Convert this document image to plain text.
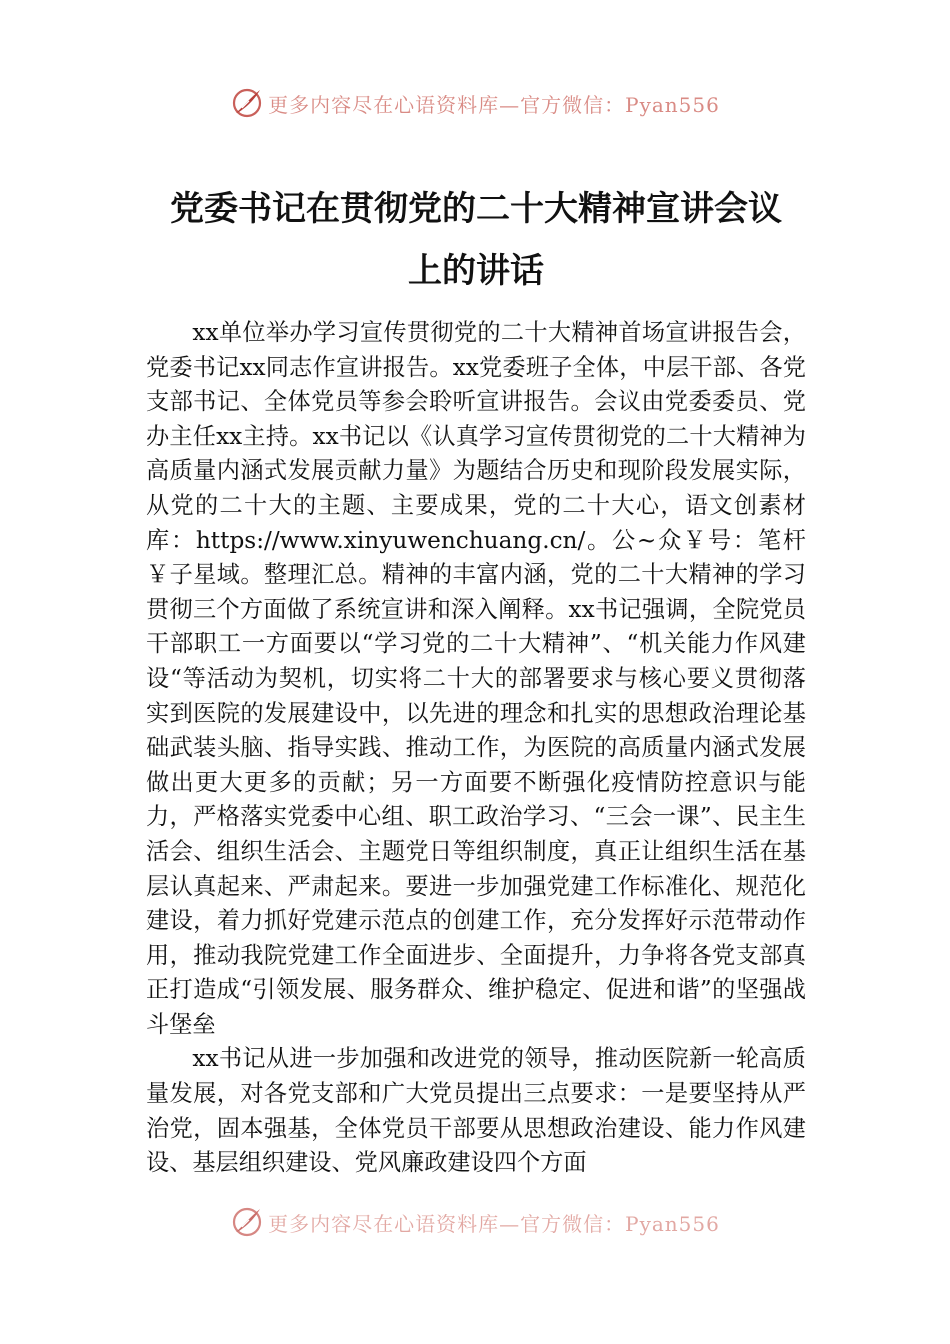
更多内容尽在心语资料库—官方微信：Pyan556
党委书记在贯彻党的二十大精神宣讲会议
上的讲话

xx单位举办学习宣传贯彻党的二十大精神首场宣讲报告会，党委书记xx同志作宣讲报告。xx党委班子全体，中层干部、各党支部书记、全体党员等参会聆听宣讲报告。会议由党委委员、党办主任xx主持。xx书记以《认真学习宣传贯彻党的二十大精神为高质量内涵式发展贡献力量》为题结合历史和现阶段发展实际，从党的二十大的主题、主要成果，党的二十大心，语文创素材库：https://www.xinyuwenchuang.cn/。公~众￥号：笔杆￥子星域。整理汇总。精神的丰富内涵，党的二十大精神的学习贯彻三个方面做了系统宣讲和深入阐释。xx书记强调，全院党员干部职工一方面要以“学习党的二十大精神”、“机关能力作风建设“等活动为契机，切实将二十大的部署要求与核心要义贯彻落实到医院的发展建设中，以先进的理念和扎实的思想政治理论基础武装头脑、指导实践、推动工作，为医院的高质量内涵式发展做出更大更多的贡献；另一方面要不断强化疫情防控意识与能力，严格落实党委中心组、职工政治学习、“三会一课”、民主生活会、组织生活会、主题党日等组织制度，真正让组织生活在基层认真起来、严肃起来。要进一步加强党建工作标准化、规范化建设，着力抓好党建示范点的创建工作，充分发挥好示范带动作用，推动我院党建工作全面进步、全面提升，力争将各党支部真正打造成“引领发展、服务群众、维护稳定、促进和谐”的坚强战斗堡垒

xx书记从进一步加强和改进党的领导，推动医院新一轮高质量发展，对各党支部和广大党员提出三点要求：一是要坚持从严治党，固本强基，全体党员干部要从思想政治建设、能力作风建设、基层组织建设、党风廉政建设四个方面

更多内容尽在心语资料库—官方微信：Pyan556
